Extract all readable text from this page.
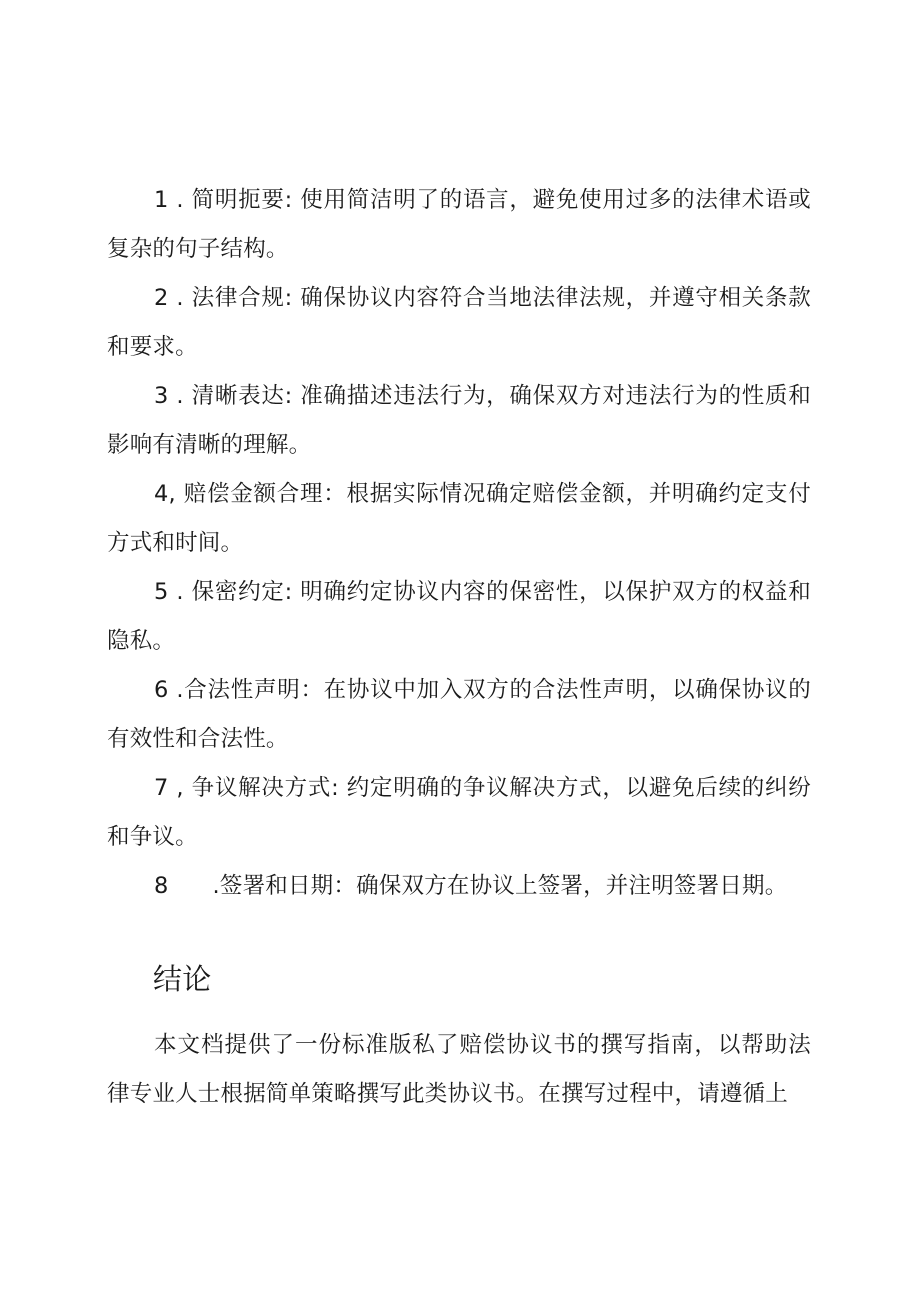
1 . 简明扼要: 使用简洁明了的语言，避免使用过多的法律术语或复杂的句子结构。

2 . 法律合规: 确保协议内容符合当地法律法规，并遵守相关条款和要求。

3 . 清晰表达: 准确描述违法行为，确保双方对违法行为的性质和影响有清晰的理解。

4, 赔偿金额合理：根据实际情况确定赔偿金额，并明确约定支付方式和时间。

5 . 保密约定: 明确约定协议内容的保密性，以保护双方的权益和隐私。

6 .合法性声明：在协议中加入双方的合法性声明，以确保协议的有效性和合法性。

7 , 争议解决方式: 约定明确的争议解决方式，以避免后续的纠纷和争议。

8 .签署和日期：确保双方在协议上签署，并注明签署日期。

结论

本文档提供了一份标准版私了赔偿协议书的撰写指南，以帮助法律专业人士根据简单策略撰写此类协议书。在撰写过程中，请遵循上
